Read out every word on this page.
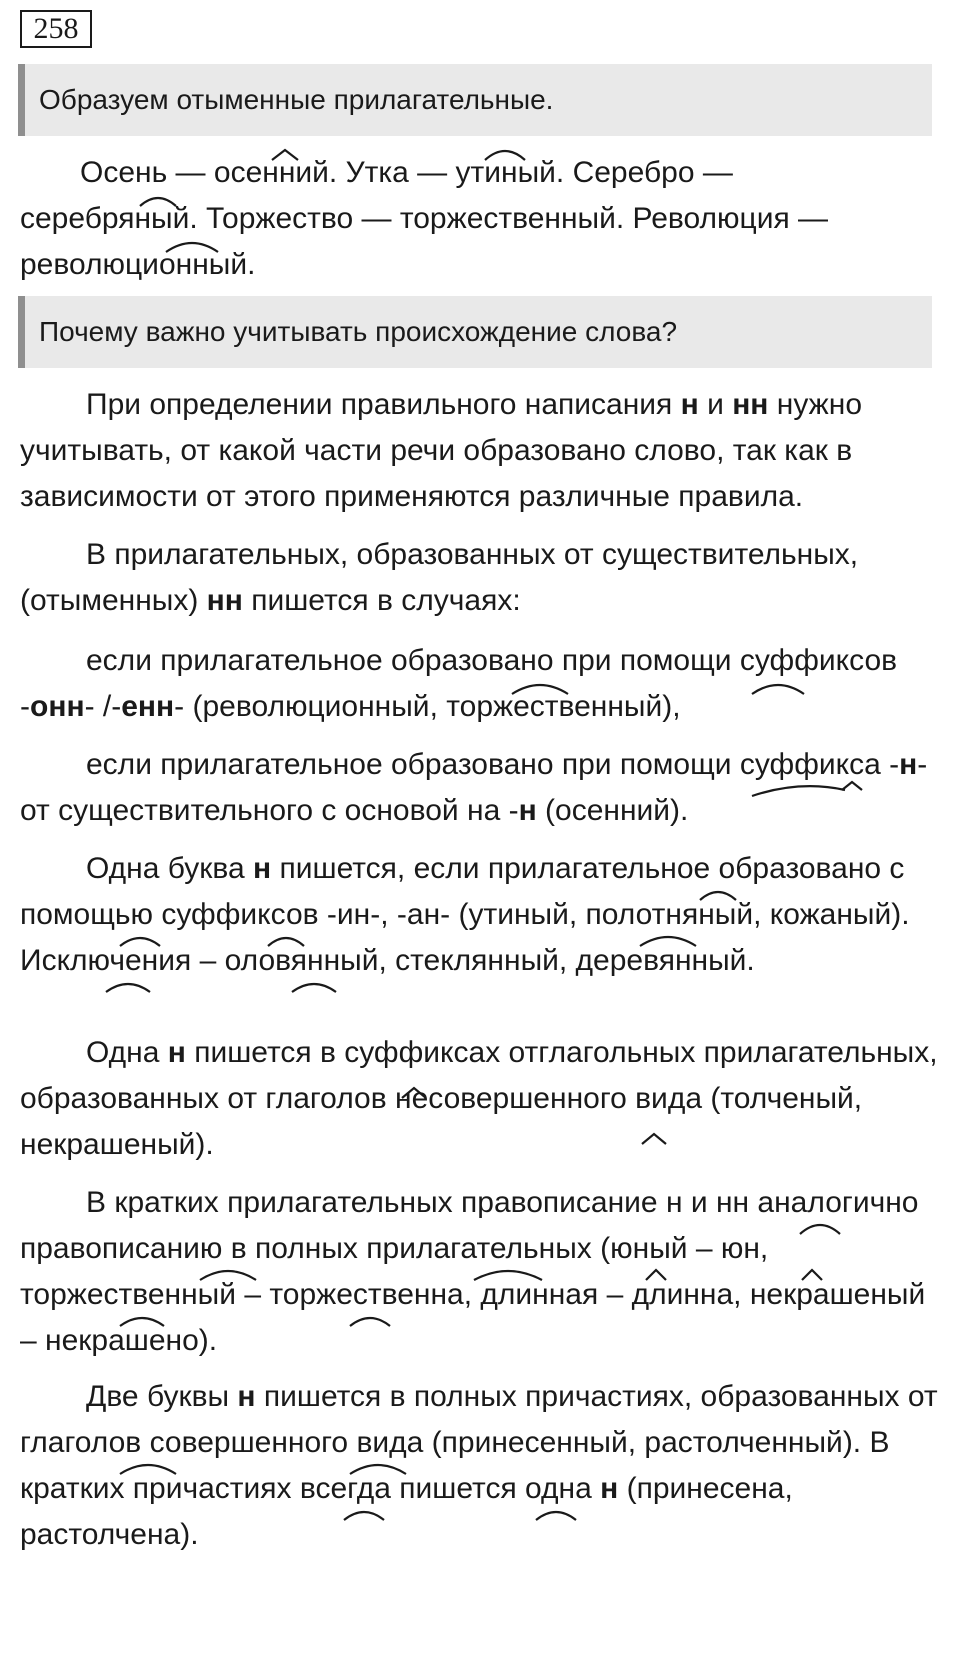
258
Образуем отыменные прилагательные.

Осень — осенний. Утка — утиный. Серебро —

серебряный. Торжество — торжественный. Революция —

революционный.

Почему важно учитывать происхождение слова?

При определении правильного написания н и нн нужно учитывать, от какой части речи образовано слово, так как в зависимости от этого применяются различные правила.

В прилагательных, образованных от существительных, (отыменных) нн пишется в случаях:

если прилагательное образовано при помощи суффиксов -онн- /-енн- (революционный, торжественный),

если прилагательное образовано при помощи суффикса -н- от существительного с основой на -н (осенний).

Одна буква н пишется, если прилагательное образовано с помощью суффиксов -ин-, -ан- (утиный, полотняный, кожаный). Исключения – оловянный, стеклянный, деревянный.

Одна н пишется в суффиксах отглагольных прилагательных, образованных от глаголов несовершенного вида (толченый, некрашеный).

В кратких прилагательных правописание н и нн аналогично правописанию в полных прилагательных (юный – юн, торжественный – торжественна, длинная – длинна, некрашеный – некрашено).

Две буквы н пишется в полных причастиях, образованных от глаголов совершенного вида (принесенный, растолченный). В кратких причастиях всегда пишется одна н (принесена, растолчена).
